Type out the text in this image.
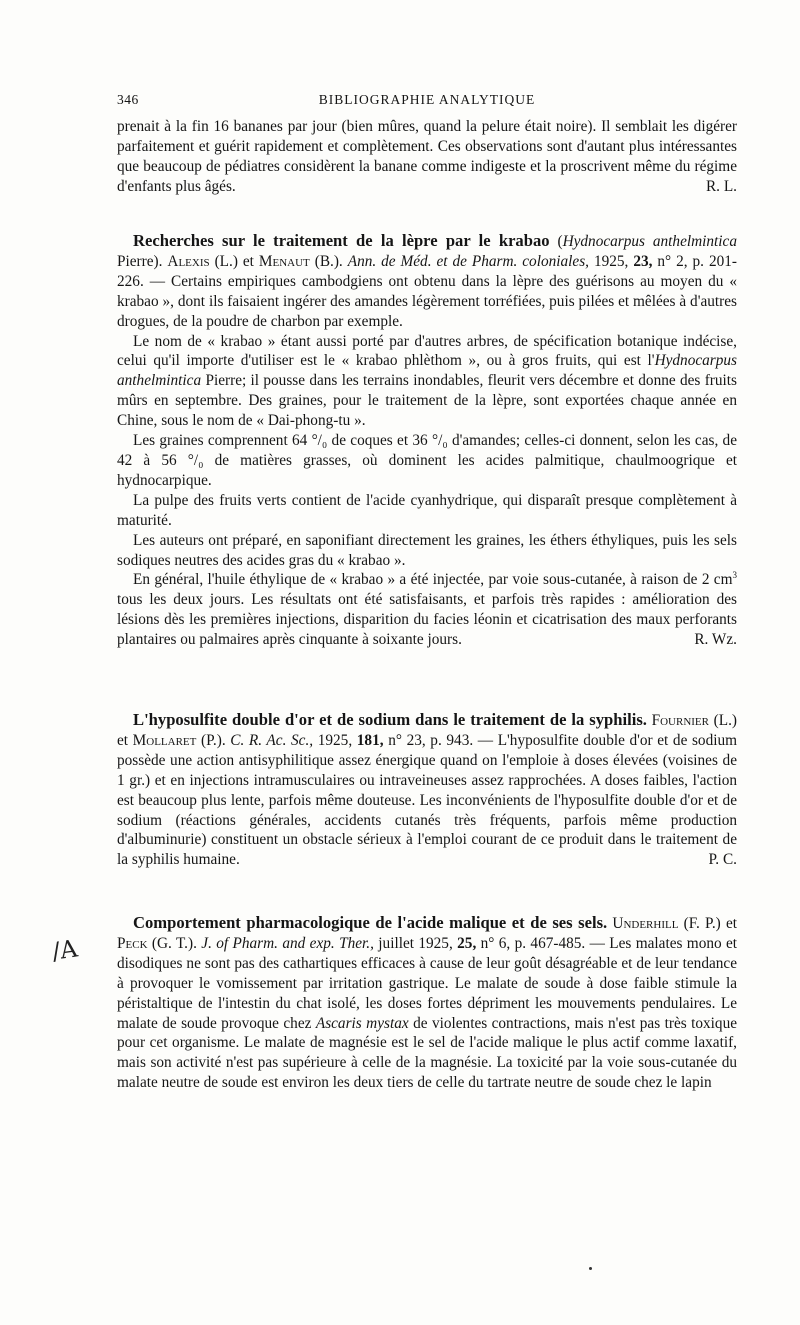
346	BIBLIOGRAPHIE ANALYTIQUE

prenait à la fin 16 bananes par jour (bien mûres, quand la pelure était noire). Il semblait les digérer parfaitement et guérit rapidement et complètement. Ces observations sont d'autant plus intéressantes que beaucoup de pédiatres considèrent la banane comme indigeste et la proscrivent même du régime d'enfants plus âgés.	R. L.

Recherches sur le traitement de la lèpre par le krabao (Hydnocarpus anthelmintica Pierre). Alexis (L.) et Menaut (B.). Ann. de Méd. et de Pharm. coloniales, 1925, 23, n° 2, p. 201-226. — Certains empiriques cambodgiens ont obtenu dans la lèpre des guérisons au moyen du « krabao », dont ils faisaient ingérer des amandes légèrement torréfiées, puis pilées et mêlées à d'autres drogues, de la poudre de charbon par exemple.

Le nom de « krabao » étant aussi porté par d'autres arbres, de spécification botanique indécise, celui qu'il importe d'utiliser est le « krabao phlèthom », ou à gros fruits, qui est l'Hydnocarpus anthelmintica Pierre; il pousse dans les terrains inondables, fleurit vers décembre et donne des fruits mûrs en septembre. Des graines, pour le traitement de la lèpre, sont exportées chaque année en Chine, sous le nom de « Dai-phong-tu ».

Les graines comprennent 64 °/₀ de coques et 36 °/₀ d'amandes; celles-ci donnent, selon les cas, de 42 à 56 °/₀ de matières grasses, où dominent les acides palmitique, chaulmoogrique et hydnocarpique.

La pulpe des fruits verts contient de l'acide cyanhydrique, qui disparaît presque complètement à maturité.

Les auteurs ont préparé, en saponifiant directement les graines, les éthers éthyliques, puis les sels sodiques neutres des acides gras du « krabao ».

En général, l'huile éthylique de « krabao » a été injectée, par voie sous-cutanée, à raison de 2 $cm^3$ tous les deux jours. Les résultats ont été satisfaisants, et parfois très rapides : amélioration des lésions dès les premières injections, disparition du facies léonin et cicatrisation des maux perforants plantaires ou palmaires après cinquante à soixante jours.	R. Wz.

L'hyposulfite double d'or et de sodium dans le traitement de la syphilis. Fournier (L.) et Mollaret (P.). C. R. Ac. Sc., 1925, 181, n° 23, p. 943. — L'hyposulfite double d'or et de sodium possède une action antisyphilitique assez énergique quand on l'emploie à doses élevées (voisines de 1 gr.) et en injections intramusculaires ou intraveineuses assez rapprochées. A doses faibles, l'action est beaucoup plus lente, parfois même douteuse. Les inconvénients de l'hyposulfite double d'or et de sodium (réactions générales, accidents cutanés très fréquents, parfois même production d'albuminurie) constituent un obstacle sérieux à l'emploi courant de ce produit dans le traitement de la syphilis humaine.	P. C.

Comportement pharmacologique de l'acide malique et de ses sels. Underhill (F. P.) et Peck (G. T.). J. of Pharm. and exp. Ther., juillet 1925, 25, n° 6, p. 467-485. — Les malates mono et disodiques ne sont pas des cathartiques efficaces à cause de leur goût désagréable et de leur tendance à provoquer le vomissement par irritation gastrique. Le malate de soude à dose faible stimule la péristaltique de l'intestin du chat isolé, les doses fortes dépriment les mouvements pendulaires. Le malate de soude provoque chez Ascaris mystax de violentes contractions, mais n'est pas très toxique pour cet organisme. Le malate de magnésie est le sel de l'acide malique le plus actif comme laxatif, mais son activité n'est pas supérieure à celle de la magnésie. La toxicité par la voie sous-cutanée du malate neutre de soude est environ les deux tiers de celle du tartrate neutre de soude chez le lapin

/A
